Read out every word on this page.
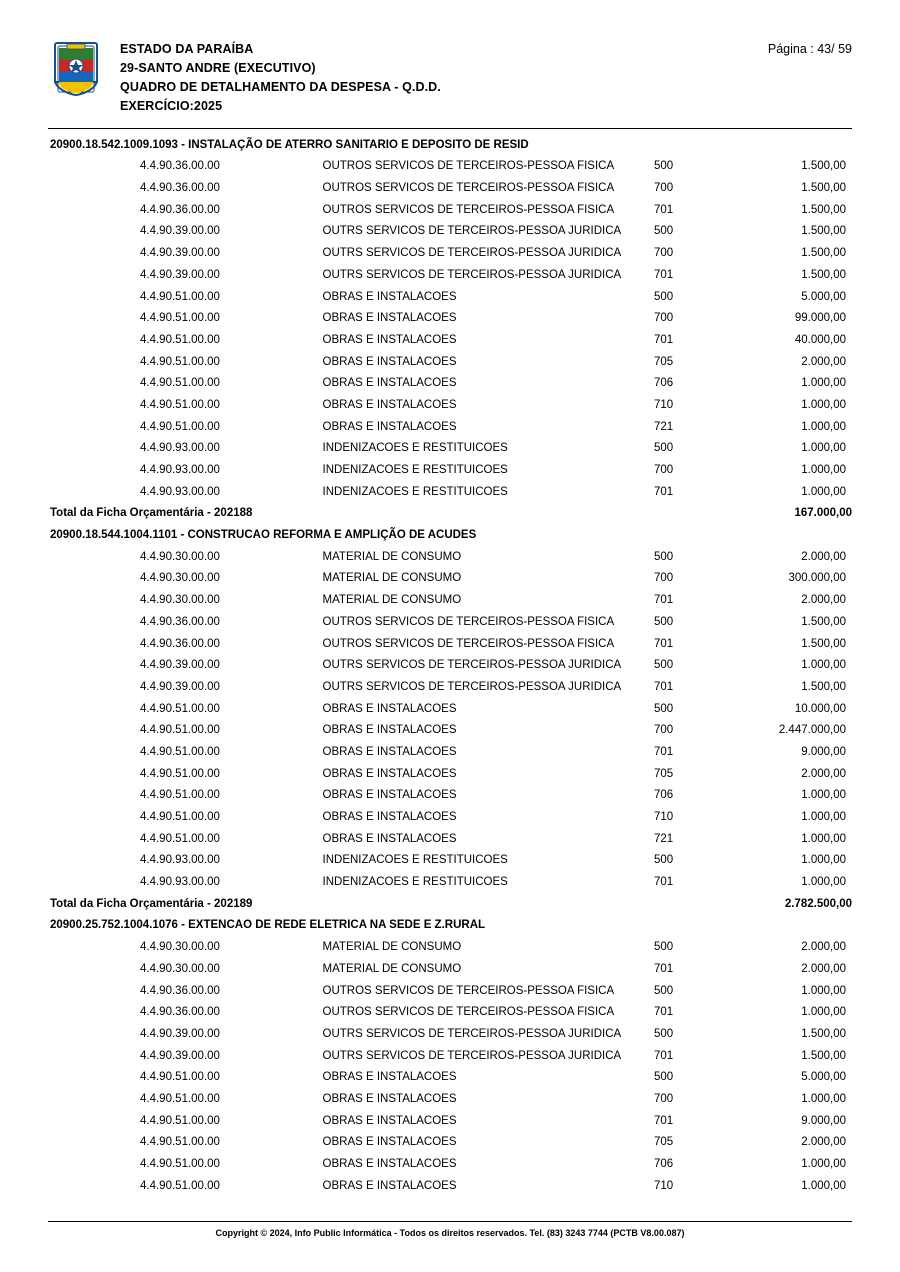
ESTADO DA PARAÍBA
29-SANTO ANDRE (EXECUTIVO)
QUADRO DE DETALHAMENTO DA DESPESA - Q.D.D.
EXERCÍCIO:2025
Página : 43/ 59
20900.18.542.1009.1093 - INSTALAÇÃO DE ATERRO SANITARIO E DEPOSITO DE RESID			
4.4.90.36.00.00	OUTROS SERVICOS DE TERCEIROS-PESSOA FISICA	500	1.500,00
4.4.90.36.00.00	OUTROS SERVICOS DE TERCEIROS-PESSOA FISICA	700	1.500,00
4.4.90.36.00.00	OUTROS SERVICOS DE TERCEIROS-PESSOA FISICA	701	1.500,00
4.4.90.39.00.00	OUTRS SERVICOS DE TERCEIROS-PESSOA JURIDICA	500	1.500,00
4.4.90.39.00.00	OUTRS SERVICOS DE TERCEIROS-PESSOA JURIDICA	700	1.500,00
4.4.90.39.00.00	OUTRS SERVICOS DE TERCEIROS-PESSOA JURIDICA	701	1.500,00
4.4.90.51.00.00	OBRAS E INSTALACOES	500	5.000,00
4.4.90.51.00.00	OBRAS E INSTALACOES	700	99.000,00
4.4.90.51.00.00	OBRAS E INSTALACOES	701	40.000,00
4.4.90.51.00.00	OBRAS E INSTALACOES	705	2.000,00
4.4.90.51.00.00	OBRAS E INSTALACOES	706	1.000,00
4.4.90.51.00.00	OBRAS E INSTALACOES	710	1.000,00
4.4.90.51.00.00	OBRAS E INSTALACOES	721	1.000,00
4.4.90.93.00.00	INDENIZACOES E RESTITUICOES	500	1.000,00
4.4.90.93.00.00	INDENIZACOES E RESTITUICOES	700	1.000,00
4.4.90.93.00.00	INDENIZACOES E RESTITUICOES	701	1.000,00
Total da Ficha Orçamentária - 202188			167.000,00
20900.18.544.1004.1101 - CONSTRUCAO REFORMA E AMPLIÇÃO DE ACUDES			
4.4.90.30.00.00	MATERIAL DE CONSUMO	500	2.000,00
4.4.90.30.00.00	MATERIAL DE CONSUMO	700	300.000,00
4.4.90.30.00.00	MATERIAL DE CONSUMO	701	2.000,00
4.4.90.36.00.00	OUTROS SERVICOS DE TERCEIROS-PESSOA FISICA	500	1.500,00
4.4.90.36.00.00	OUTROS SERVICOS DE TERCEIROS-PESSOA FISICA	701	1.500,00
4.4.90.39.00.00	OUTRS SERVICOS DE TERCEIROS-PESSOA JURIDICA	500	1.000,00
4.4.90.39.00.00	OUTRS SERVICOS DE TERCEIROS-PESSOA JURIDICA	701	1.500,00
4.4.90.51.00.00	OBRAS E INSTALACOES	500	10.000,00
4.4.90.51.00.00	OBRAS E INSTALACOES	700	2.447.000,00
4.4.90.51.00.00	OBRAS E INSTALACOES	701	9.000,00
4.4.90.51.00.00	OBRAS E INSTALACOES	705	2.000,00
4.4.90.51.00.00	OBRAS E INSTALACOES	706	1.000,00
4.4.90.51.00.00	OBRAS E INSTALACOES	710	1.000,00
4.4.90.51.00.00	OBRAS E INSTALACOES	721	1.000,00
4.4.90.93.00.00	INDENIZACOES E RESTITUICOES	500	1.000,00
4.4.90.93.00.00	INDENIZACOES E RESTITUICOES	701	1.000,00
Total da Ficha Orçamentária - 202189			2.782.500,00
20900.25.752.1004.1076 - EXTENCAO DE REDE ELETRICA NA SEDE E Z.RURAL			
4.4.90.30.00.00	MATERIAL DE CONSUMO	500	2.000,00
4.4.90.30.00.00	MATERIAL DE CONSUMO	701	2.000,00
4.4.90.36.00.00	OUTROS SERVICOS DE TERCEIROS-PESSOA FISICA	500	1.000,00
4.4.90.36.00.00	OUTROS SERVICOS DE TERCEIROS-PESSOA FISICA	701	1.000,00
4.4.90.39.00.00	OUTRS SERVICOS DE TERCEIROS-PESSOA JURIDICA	500	1.500,00
4.4.90.39.00.00	OUTRS SERVICOS DE TERCEIROS-PESSOA JURIDICA	701	1.500,00
4.4.90.51.00.00	OBRAS E INSTALACOES	500	5.000,00
4.4.90.51.00.00	OBRAS E INSTALACOES	700	1.000,00
4.4.90.51.00.00	OBRAS E INSTALACOES	701	9.000,00
4.4.90.51.00.00	OBRAS E INSTALACOES	705	2.000,00
4.4.90.51.00.00	OBRAS E INSTALACOES	706	1.000,00
4.4.90.51.00.00	OBRAS E INSTALACOES	710	1.000,00
Copyright © 2024, Info Public Informática - Todos os direitos reservados. Tel. (83) 3243 7744 (PCTB V8.00.087)
